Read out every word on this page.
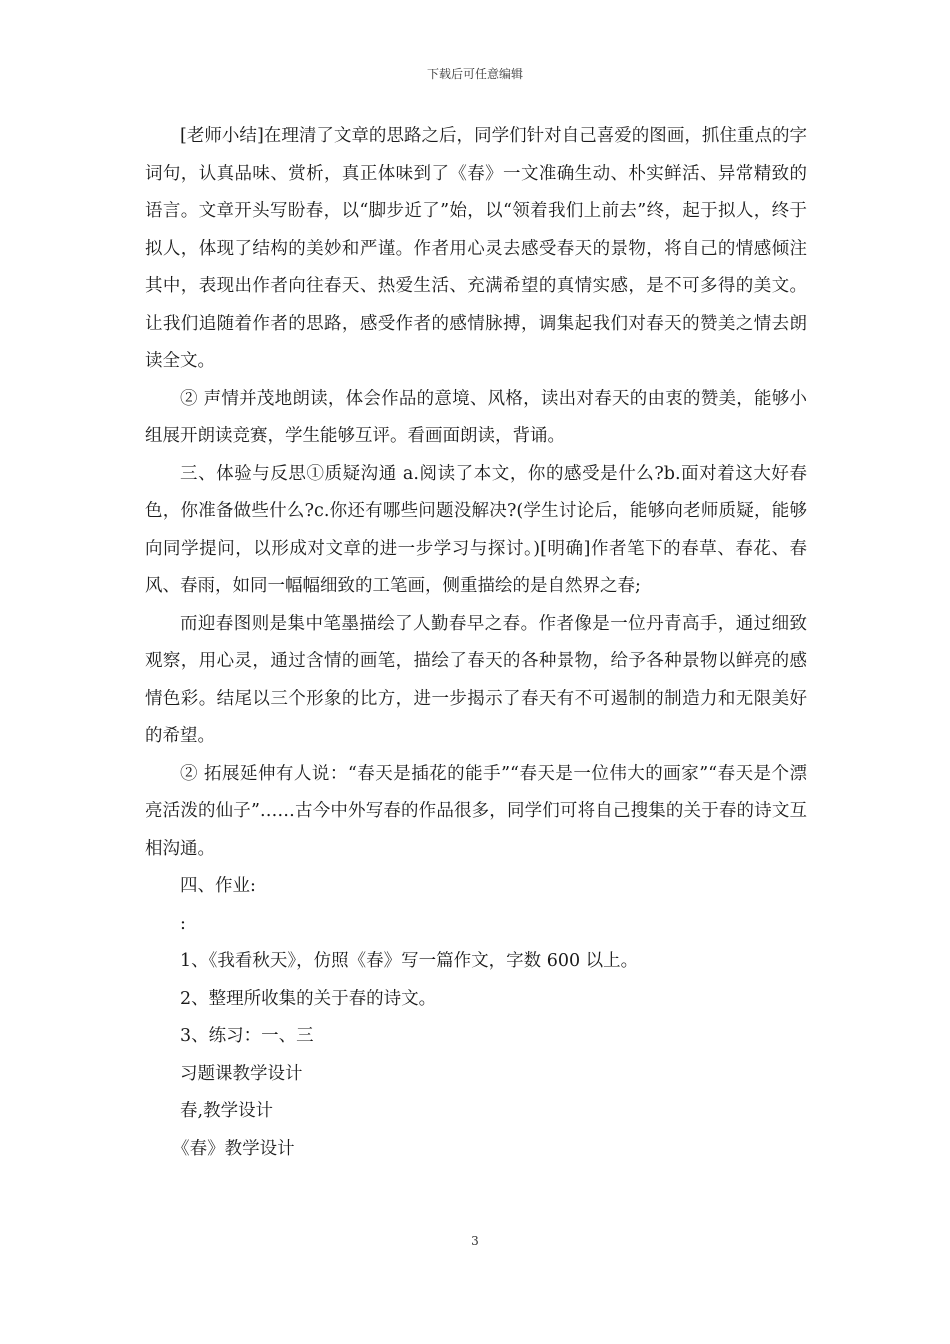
下载后可任意编辑

[老师小结]在理清了文章的思路之后，同学们针对自己喜爱的图画，抓住重点的字词句，认真品味、赏析，真正体味到了《春》一文准确生动、朴实鲜活、异常精致的语言。文章开头写盼春，以“脚步近了”始，以“领着我们上前去”终，起于拟人，终于拟人，体现了结构的美妙和严谨。作者用心灵去感受春天的景物，将自己的情感倾注其中，表现出作者向往春天、热爱生活、充满希望的真情实感，是不可多得的美文。让我们追随着作者的思路，感受作者的感情脉搏，调集起我们对春天的赞美之情去朗读全文。

② 声情并茂地朗读，体会作品的意境、风格，读出对春天的由衷的赞美，能够小组展开朗读竞赛，学生能够互评。看画面朗读，背诵。

三、体验与反思①质疑沟通 a.阅读了本文，你的感受是什么?b.面对着这大好春色，你准备做些什么?c.你还有哪些问题没解决?(学生讨论后，能够向老师质疑，能够向同学提问，以形成对文章的进一步学习与探讨。)[明确]作者笔下的春草、春花、春风、春雨，如同一幅幅细致的工笔画，侧重描绘的是自然界之春;

而迎春图则是集中笔墨描绘了人勤春早之春。作者像是一位丹青高手，通过细致观察，用心灵，通过含情的画笔，描绘了春天的各种景物，给予各种景物以鲜亮的感情色彩。结尾以三个形象的比方，进一步揭示了春天有不可遏制的制造力和无限美好的希望。

② 拓展延伸有人说：“春天是插花的能手”“春天是一位伟大的画家”“春天是个漂亮活泼的仙子”……古今中外写春的作品很多，同学们可将自己搜集的关于春的诗文互相沟通。

四、作业:

:

1、《我看秋天》，仿照《春》写一篇作文，字数 600 以上。

2、整理所收集的关于春的诗文。

3、练习：一、三

习题课教学设计

春,教学设计

《春》教学设计

3
